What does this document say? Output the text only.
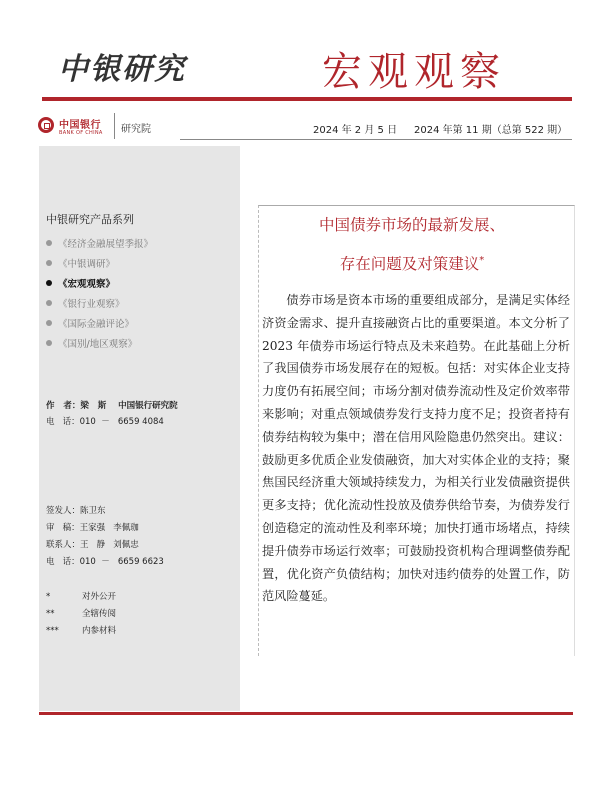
中银研究	宏观观察
中国银行
BANK OF CHINA 研究院	2024 年 2 月 5 日 2024 年第 11 期（总第 522 期）
中银研究产品系列
《经济金融展望季报》
《中银调研》
《宏观观察》
《银行业观察》
《国际金融评论》
《国别/地区观察》
作   者：梁   斯    中国银行研究院
电   话：010  －   6659 4084
签发人：陈卫东
审   稿：王家强   李佩珈
联系人：王   静   刘佩忠
电   话：010  －   6659 6623
*	对外公开
**	全辖传阅
***	内参材料
中国债券市场的最新发展、
存在问题及对策建议*
债券市场是资本市场的重要组成部分，是满足实体经济资金需求、提升直接融资占比的重要渠道。本文分析了 2023 年债券市场运行特点及未来趋势。在此基础上分析了我国债券市场发展存在的短板。包括：对实体企业支持力度仍有拓展空间；市场分割对债券流动性及定价效率带来影响；对重点领域债券发行支持力度不足；投资者持有债券结构较为集中；潜在信用风险隐患仍然突出。建议：鼓励更多优质企业发债融资，加大对实体企业的支持；聚焦国民经济重大领域持续发力，为相关行业发债融资提供更多支持；优化流动性投放及债券供给节奏，为债券发行创造稳定的流动性及利率环境；加快打通市场堵点，持续提升债券市场运行效率；可鼓励投资机构合理调整债券配置，优化资产负债结构；加快对违约债券的处置工作，防范风险蔓延。
